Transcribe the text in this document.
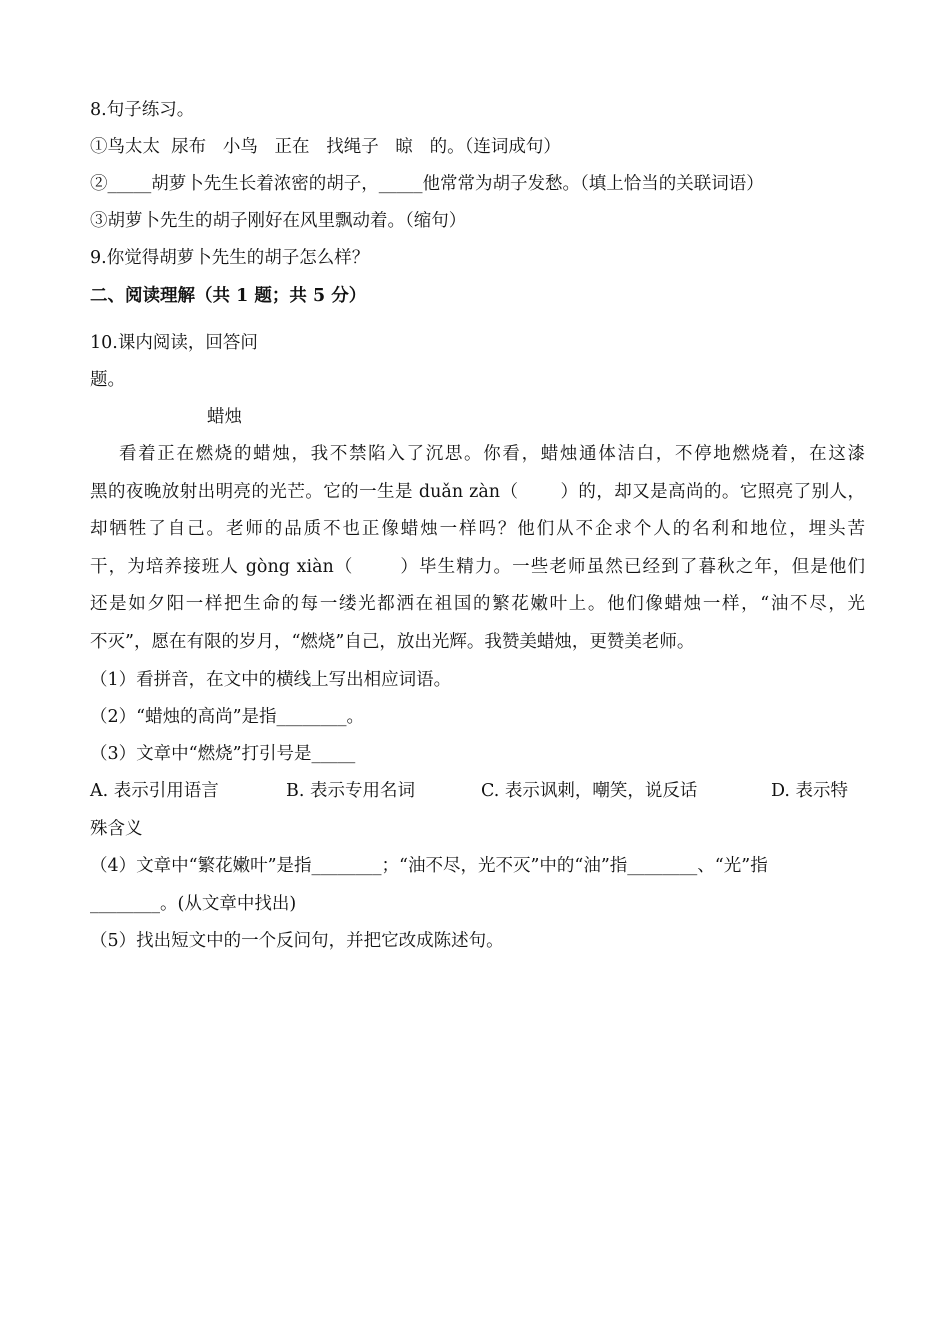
8.句子练习。
①鸟太太  尿布   小鸟   正在   找绳子   晾   的。（连词成句）
②_____胡萝卜先生长着浓密的胡子，_____他常常为胡子发愁。（填上恰当的关联词语）
③胡萝卜先生的胡子刚好在风里飘动着。（缩句）
9.你觉得胡萝卜先生的胡子怎么样？
二、阅读理解（共 1 题；共 5 分）
10.课内阅读，回答问
题。
蜡烛
看着正在燃烧的蜡烛，我不禁陷入了沉思。你看，蜡烛通体洁白，不停地燃烧着，在这漆
黑的夜晚放射出明亮的光芒。它的一生是 duǎn zàn（       ）的，却又是高尚的。它照亮了别人，
却牺牲了自己。老师的品质不也正像蜡烛一样吗？他们从不企求个人的名利和地位，埋头苦
干，为培养接班人 gòng xiàn（       ）毕生精力。一些老师虽然已经到了暮秋之年，但是他们
还是如夕阳一样把生命的每一缕光都洒在祖国的繁花嫩叶上。他们像蜡烛一样，“油不尽，光
不灭”，愿在有限的岁月，“燃烧”自己，放出光辉。我赞美蜡烛，更赞美老师。
（1）看拼音，在文中的横线上写出相应词语。
（2）“蜡烛的高尚”是指________。
（3）文章中“燃烧”打引号是_____
A. 表示引用语言	B. 表示专用名词	C. 表示讽刺，嘲笑，说反话	D. 表示特
殊含义
（4）文章中“繁花嫩叶”是指________；“油不尽，光不灭”中的“油”指________、“光”指
________。(从文章中找出)
（5）找出短文中的一个反问句，并把它改成陈述句。
